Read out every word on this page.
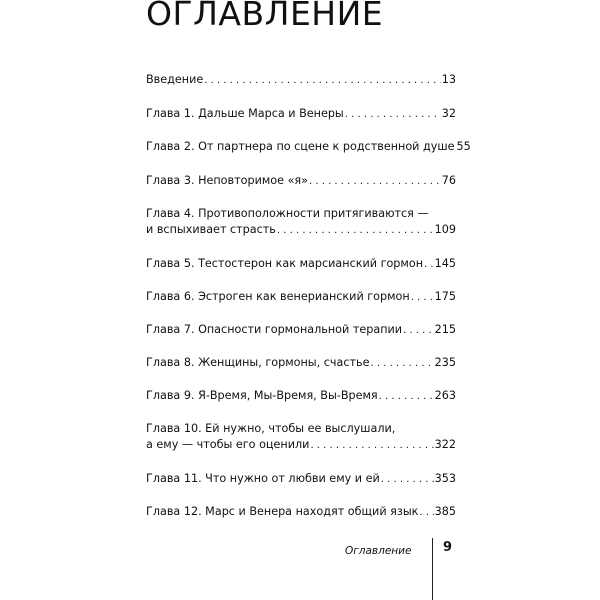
ОГЛАВЛЕНИЕ
Введение . . .	13
Глава 1. Дальше Марса и Венеры . . .	32
Глава 2. От партнера по сцене к родственной душе 55
Глава 3. Неповторимое «я» . . .	76
Глава 4. Противоположности притягиваются —
и вспыхивает страсть . . .	109
Глава 5. Тестостерон как марсианский гормон . . . 145
Глава 6. Эстроген как венерианский гормон . . . 175
Глава 7. Опасности гормональной терапии . . .	215
Глава 8. Женщины, гормоны, счастье . . .	235
Глава 9. Я-Время, Мы-Время, Вы-Время . . .	263
Глава 10. Ей нужно, чтобы ее выслушали,
а ему — чтобы его оценили . . .	322
Глава 11. Что нужно от любви ему и ей . . .	353
Глава 12. Марс и Венера находят общий язык . . . 385
Оглавление 9
